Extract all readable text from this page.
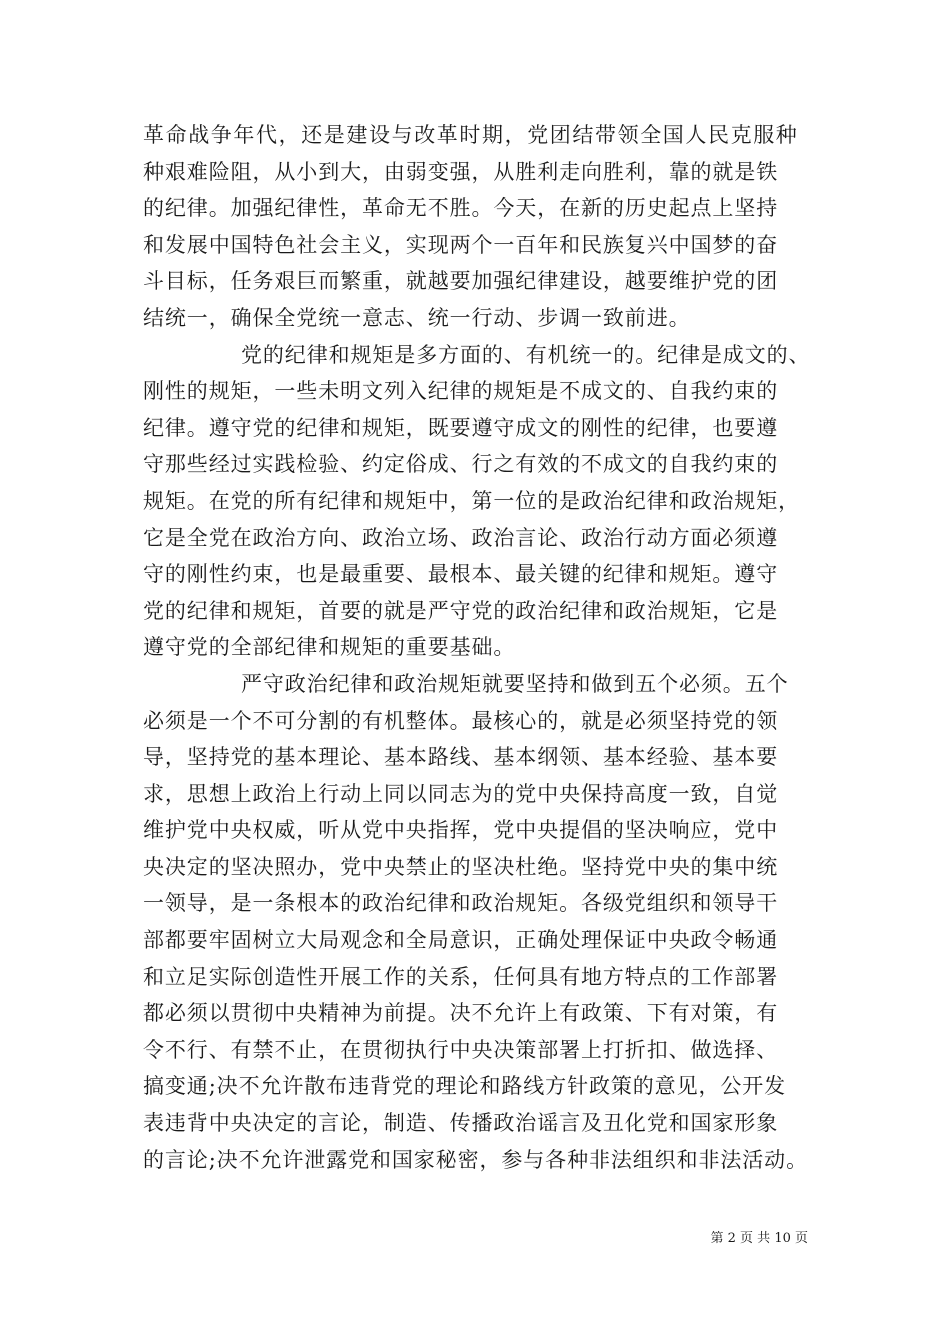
革命战争年代，还是建设与改革时期，党团结带领全国人民克服种
种艰难险阻，从小到大，由弱变强，从胜利走向胜利，靠的就是铁
的纪律。加强纪律性，革命无不胜。今天，在新的历史起点上坚持
和发展中国特色社会主义，实现两个一百年和民族复兴中国梦的奋
斗目标，任务艰巨而繁重，就越要加强纪律建设，越要维护党的团
结统一，确保全党统一意志、统一行动、步调一致前进。
党的纪律和规矩是多方面的、有机统一的。纪律是成文的、
刚性的规矩，一些未明文列入纪律的规矩是不成文的、自我约束的
纪律。遵守党的纪律和规矩，既要遵守成文的刚性的纪律，也要遵
守那些经过实践检验、约定俗成、行之有效的不成文的自我约束的
规矩。在党的所有纪律和规矩中，第一位的是政治纪律和政治规矩，
它是全党在政治方向、政治立场、政治言论、政治行动方面必须遵
守的刚性约束，也是最重要、最根本、最关键的纪律和规矩。遵守
党的纪律和规矩，首要的就是严守党的政治纪律和政治规矩，它是
遵守党的全部纪律和规矩的重要基础。
严守政治纪律和政治规矩就要坚持和做到五个必须。五个
必须是一个不可分割的有机整体。最核心的，就是必须坚持党的领
导，坚持党的基本理论、基本路线、基本纲领、基本经验、基本要
求，思想上政治上行动上同以同志为的党中央保持高度一致，自觉
维护党中央权威，听从党中央指挥，党中央提倡的坚决响应，党中
央决定的坚决照办，党中央禁止的坚决杜绝。坚持党中央的集中统
一领导，是一条根本的政治纪律和政治规矩。各级党组织和领导干
部都要牢固树立大局观念和全局意识，正确处理保证中央政令畅通
和立足实际创造性开展工作的关系，任何具有地方特点的工作部署
都必须以贯彻中央精神为前提。决不允许上有政策、下有对策，有
令不行、有禁不止，在贯彻执行中央决策部署上打折扣、做选择、
搞变通;决不允许散布违背党的理论和路线方针政策的意见，公开发
表违背中央决定的言论，制造、传播政治谣言及丑化党和国家形象
的言论;决不允许泄露党和国家秘密，参与各种非法组织和非法活动。
第 2 页 共 10 页
